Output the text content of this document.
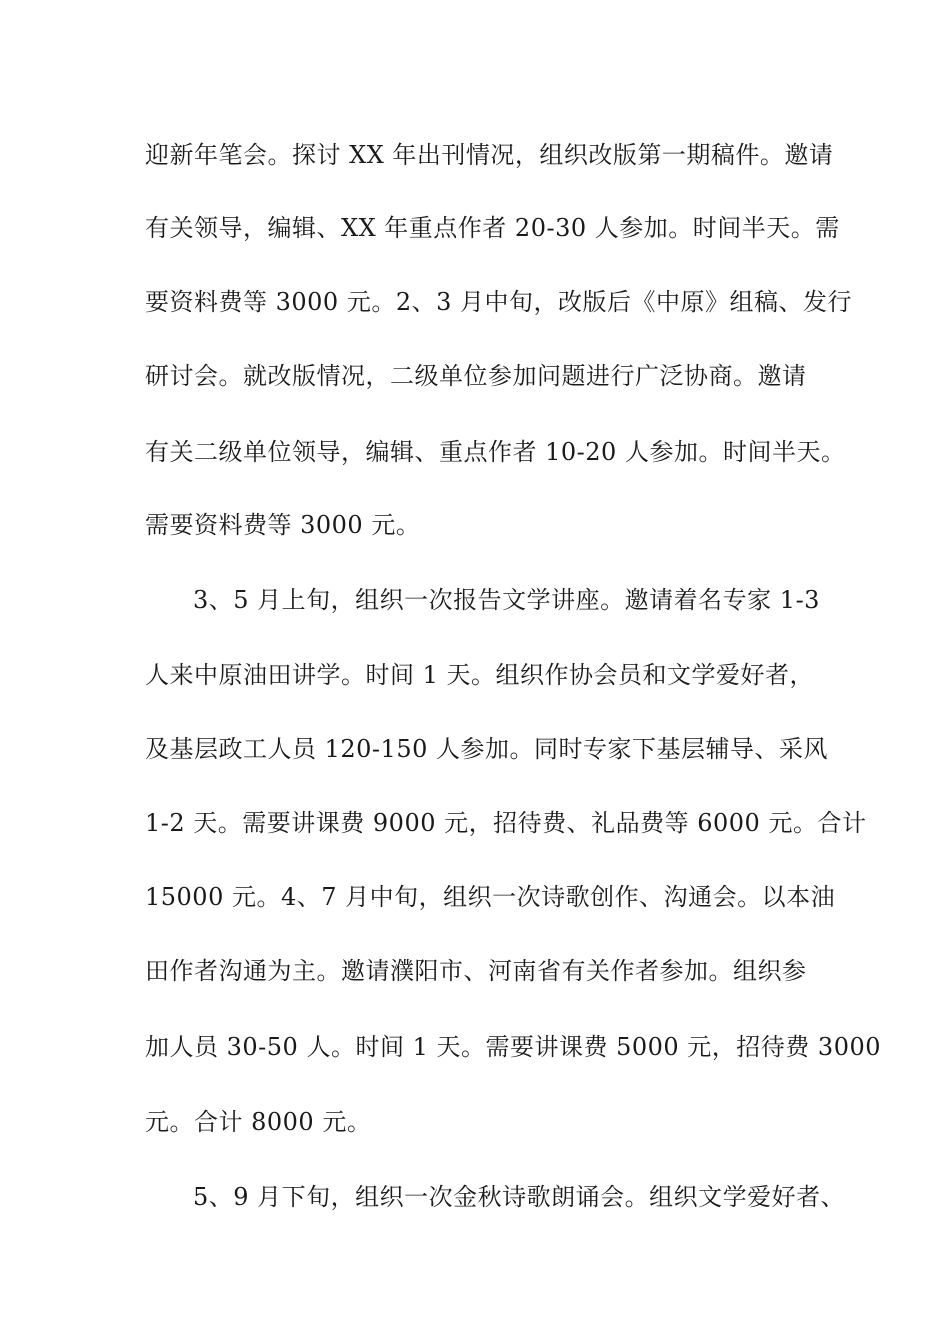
迎新年笔会。探讨 XX 年出刊情况，组织改版第一期稿件。邀请
有关领导，编辑、XX 年重点作者 20-30 人参加。时间半天。需
要资料费等 3000 元。2、3 月中旬，改版后《中原》组稿、发行
研讨会。就改版情况，二级单位参加问题进行广泛协商。邀请
有关二级单位领导，编辑、重点作者 10-20 人参加。时间半天。
需要资料费等 3000 元。
3、5 月上旬，组织一次报告文学讲座。邀请着名专家 1-3
人来中原油田讲学。时间 1 天。组织作协会员和文学爱好者，
及基层政工人员 120-150 人参加。同时专家下基层辅导、采风
1-2 天。需要讲课费 9000 元，招待费、礼品费等 6000 元。合计
15000 元。4、7 月中旬，组织一次诗歌创作、沟通会。以本油
田作者沟通为主。邀请濮阳市、河南省有关作者参加。组织参
加人员 30-50 人。时间 1 天。需要讲课费 5000 元，招待费 3000
元。合计 8000 元。
5、9 月下旬，组织一次金秋诗歌朗诵会。组织文学爱好者、
